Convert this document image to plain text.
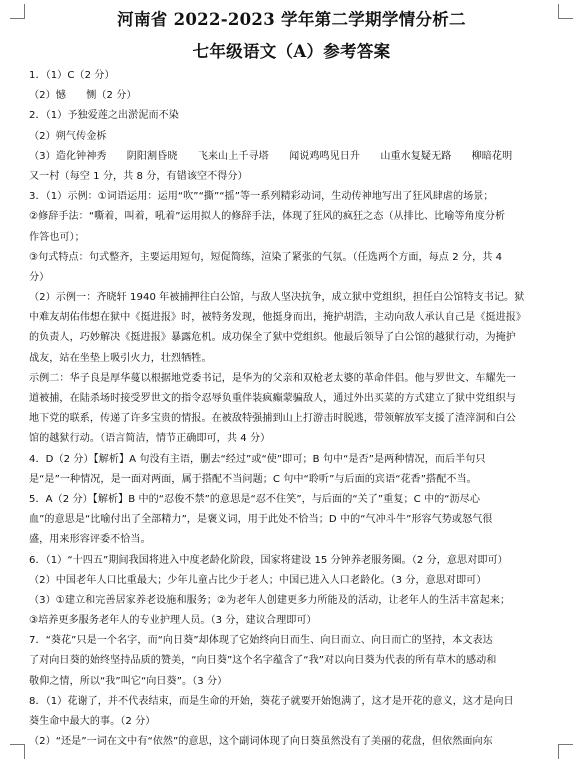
河南省 2022-2023 学年第二学期学情分析二
七年级语文（A）参考答案
1．（1）C（2 分）
（2）憾　　恻（2 分）
2．（1）予独爱莲之出淤泥而不染
（2）朔气传金柝
（3）造化钟神秀　　阴阳割昏晓　　飞来山上千寻塔　　闻说鸡鸣见日升　　山重水复疑无路　　柳暗花明
又一村（每空 1 分，共 8 分，有错该空不得分）
3．（1）示例：①词语运用：运用“吹”“撕”“摇”等一系列精彩动词，生动传神地写出了狂风肆虐的场景；
②修辞手法：“嘶着，叫着，吼着”运用拟人的修辞手法，体现了狂风的疯狂之态（从排比、比喻等角度分析
作答也可）；
③句式特点：句式整齐，主要运用短句，短促简练，渲染了紧张的气氛。（任选两个方面，每点 2 分，共 4
分）
（2）示例一：齐晓轩 1940 年被捕押往白公馆，与敌人坚决抗争，成立狱中党组织，担任白公馆特支书记。狱
中难友胡佑伟想在狱中《挺进报》时，被特务发现，他挺身而出，掩护胡浩，主动向敌人承认自己是《挺进报》
的负责人，巧妙解决《挺进报》暴露危机。成功保全了狱中党组织。他最后领导了白公馆的越狱行动，为掩护
战友，站在坐垫上吸引火力，壮烈牺牲。
示例二：华子良是厚华蔓以根据地党委书记，是华为的父亲和双枪老太婆的革命伴侣。他与罗世文、车耀先一
道被捕，在陆杀场时接受罗世文的指令忍辱负重伴装疯癫蒙骗敌人，通过外出买菜的方式建立了狱中党组织与
地下党的联系，传递了许多宝贵的情报。在被敌特强捕到山上打游击时脱逃，带领解放军支援了渣滓洞和白公
馆的越狱行动。（语言简洁，情节正确即可，共 4 分）
4．D（2 分）【解析】A 句没有主语，删去“经过”或“使”即可；B 句中“是否”是两种情况，而后半句只
是“是”一种情况，是一面对两面，属于搭配不当问题；C 句中“聆听”与后面的宾语“花香”搭配不当。
5．A（2 分）【解析】B 中的“忍俊不禁”的意思是“忍不住笑”，与后面的“关了”重复；C 中的“沥尽心
血”的意思是“比喻付出了全部精力”，是褒义词，用于此处不恰当；D 中的“气冲斗牛”形容气势或怒气很
盛，用来形容评委不恰当。
6．（1）“十四五”期间我国将进入中度老龄化阶段，国家将建设 15 分钟养老服务圈。（2 分，意思对即可）
（2）中国老年人口比重最大；少年儿童占比少于老人；中国已进入人口老龄化。（3 分，意思对即可）
（3）①建立和完善居家养老设施和服务；②为老年人创建更多力所能及的活动，让老年人的生活丰富起来；
③培养更多服务老年人的专业护理人员。（3 分，建议合理即可）
7．“葵花”只是一个名字，而“向日葵”却体现了它始终向日而生、向日而立、向日而亡的坚持，本文表达
了对向日葵的始终坚持品质的赞美，“向日葵”这个名字蕴含了“我”对以向日葵为代表的所有草木的感动和
敬仰之情，所以“我”叫它“向日葵”。（3 分）
8．（1）花谢了，并不代表结束，而是生命的开始，葵花子就要开始饱满了，这才是开花的意义，这才是向日
葵生命中最大的事。（2 分）
（2）“还是”一词在文中有“依然”的意思，这个副词体现了向日葵虽然没有了美丽的花盘，但依然面向东
